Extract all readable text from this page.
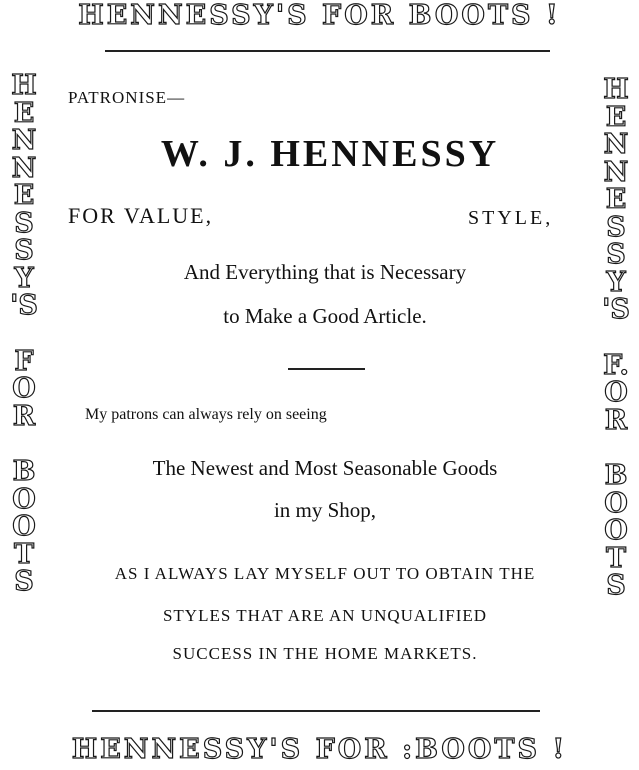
HENNESSY'S FOR BOOTS !
H
E
N
N
E
S
S
Y
'S
F
O
R
B
O
O
T
S
H
E
N
N
E
S
S
Y
'S
F.
O
R
B
O
O
T
S
PATRONISE—
W. J. HENNESSY
FOR VALUE,	STYLE,
And Everything that is Necessary
to Make a Good Article.
My patrons can always rely on seeing
The Newest and Most Seasonable Goods
in my Shop,
AS I ALWAYS LAY MYSELF OUT TO OBTAIN THE
STYLES THAT ARE AN UNQUALIFIED
SUCCESS IN THE HOME MARKETS.
HENNESSY'S FOR :BOOTS !
